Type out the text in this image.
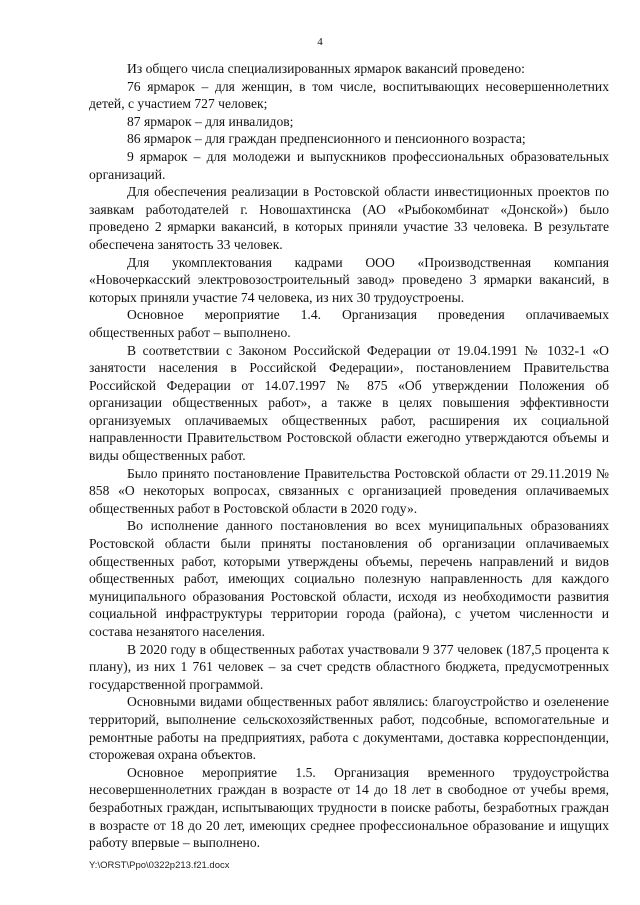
4

Из общего числа специализированных ярмарок вакансий проведено:

76 ярмарок – для женщин, в том числе, воспитывающих несовершеннолетних детей, с участием 727 человек;

87 ярмарок – для инвалидов;

86 ярмарок – для граждан предпенсионного и пенсионного возраста;

9 ярмарок – для молодежи и выпускников профессиональных образовательных организаций.

Для обеспечения реализации в Ростовской области инвестиционных проектов по заявкам работодателей г. Новошахтинска (АО «Рыбокомбинат «Донской») было проведено 2 ярмарки вакансий, в которых приняли участие 33 человека. В результате обеспечена занятость 33 человек.

Для укомплектования кадрами ООО «Производственная компания «Новочеркасский электровозостроительный завод» проведено 3 ярмарки вакансий, в которых приняли участие 74 человека, из них 30 трудоустроены.

Основное мероприятие 1.4. Организация проведения оплачиваемых общественных работ – выполнено.

В соответствии с Законом Российской Федерации от 19.04.1991 № 1032-1 «О занятости населения в Российской Федерации», постановлением Правительства Российской Федерации от 14.07.1997 № 875 «Об утверждении Положения об организации общественных работ», а также в целях повышения эффективности организуемых оплачиваемых общественных работ, расширения их социальной направленности Правительством Ростовской области ежегодно утверждаются объемы и виды общественных работ.

Было принято постановление Правительства Ростовской области от 29.11.2019 № 858 «О некоторых вопросах, связанных с организацией проведения оплачиваемых общественных работ в Ростовской области в 2020 году».

Во исполнение данного постановления во всех муниципальных образованиях Ростовской области были приняты постановления об организации оплачиваемых общественных работ, которыми утверждены объемы, перечень направлений и видов общественных работ, имеющих социально полезную направленность для каждого муниципального образования Ростовской области, исходя из необходимости развития социальной инфраструктуры территории города (района), с учетом численности и состава незанятого населения.

В 2020 году в общественных работах участвовали 9 377 человек (187,5 процента к плану), из них 1 761 человек – за счет средств областного бюджета, предусмотренных государственной программой.

Основными видами общественных работ являлись: благоустройство и озеленение территорий, выполнение сельскохозяйственных работ, подсобные, вспомогательные и ремонтные работы на предприятиях, работа с документами, доставка корреспонденции, сторожевая охрана объектов.

Основное мероприятие 1.5. Организация временного трудоустройства несовершеннолетних граждан в возрасте от 14 до 18 лет в свободное от учебы время, безработных граждан, испытывающих трудности в поиске работы, безработных граждан в возрасте от 18 до 20 лет, имеющих среднее профессиональное образование и ищущих работу впервые – выполнено.

Y:\ORST\Ppo\0322p213.f21.docx
